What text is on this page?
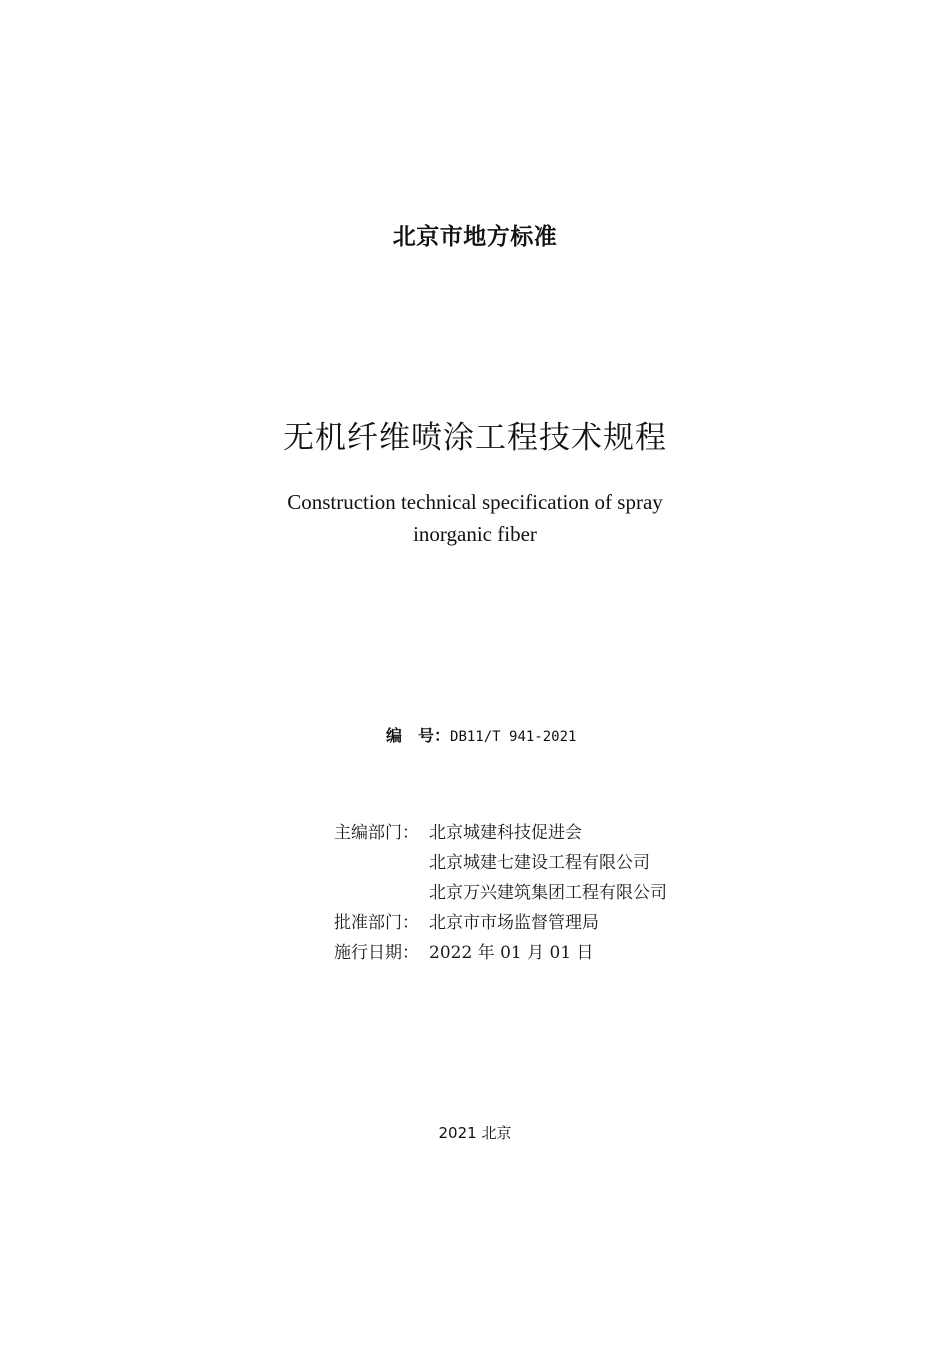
北京市地方标准
无机纤维喷涂工程技术规程
Construction technical specification of spray
inorganic fiber
编　号：DB11/T 941-2021
主编部门： 北京城建科技促进会
北京城建七建设工程有限公司
北京万兴建筑集团工程有限公司
批准部门： 北京市市场监督管理局
施行日期： 2022 年 01 月 01 日
2021 北京
